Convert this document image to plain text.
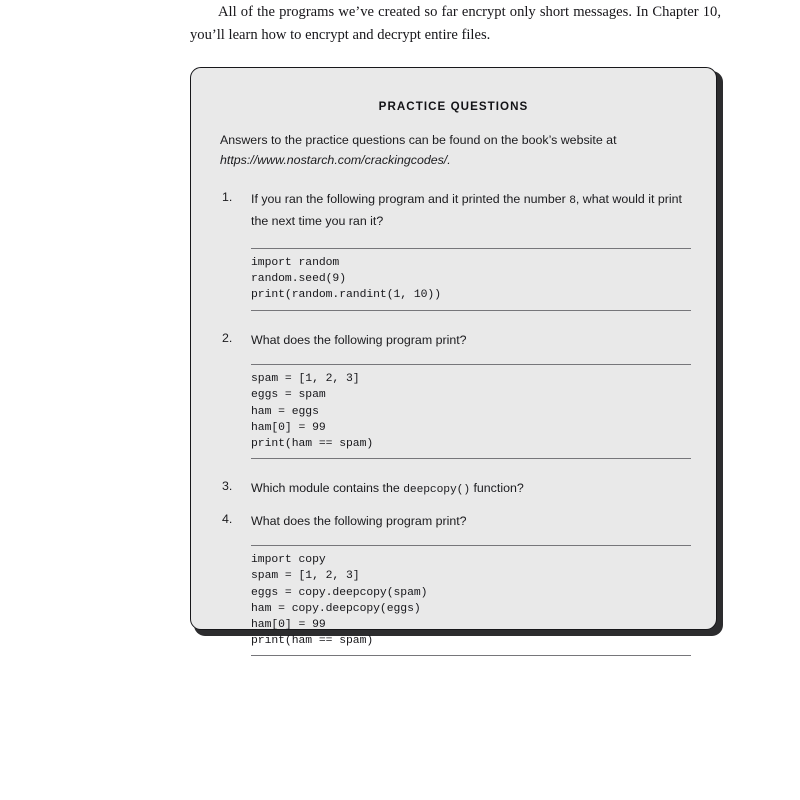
All of the programs we’ve created so far encrypt only short messages. In Chapter 10, you’ll learn how to encrypt and decrypt entire files.

PRACTICE QUESTIONS

Answers to the practice questions can be found on the book’s website at https://www.nostarch.com/crackingcodes/.

1. If you ran the following program and it printed the number 8, what would it print the next time you ran it?
import random
random.seed(9)
print(random.randint(1, 10))
2. What does the following program print?
spam = [1, 2, 3]
eggs = spam
ham = eggs
ham[0] = 99
print(ham == spam)
3. Which module contains the deepcopy() function?
4. What does the following program print?
import copy
spam = [1, 2, 3]
eggs = copy.deepcopy(spam)
ham = copy.deepcopy(eggs)
ham[0] = 99
print(ham == spam)
